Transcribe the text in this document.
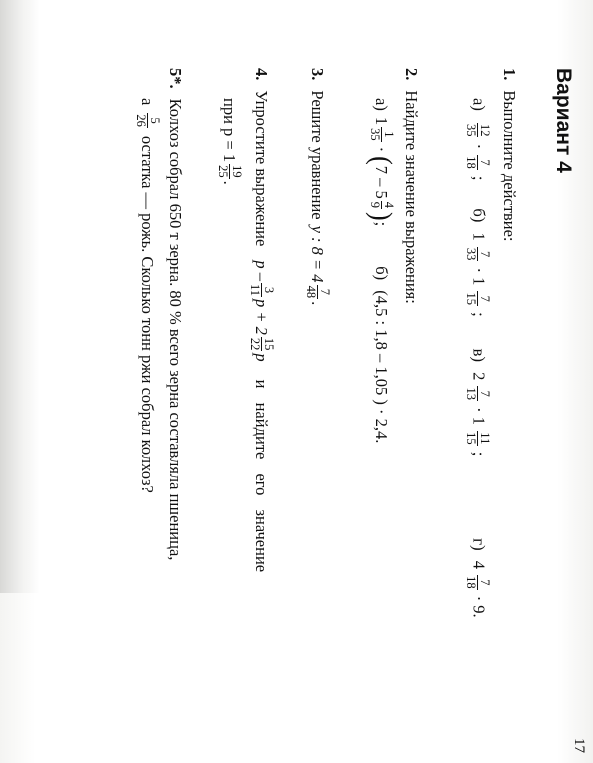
Вариант 4
17
1.
Выполните действие:
а)
12
35
·
7
18
;
б) 1
7
33
· 1
7
15
;
в) 2
7
13
· 1
11
15
;
г) 4
7
18
· 9.
2.
Найдите значение выражения:
а)
1
1
35
·
(
7 – 5
4
9
)
;
б) (4,5 : 1,8 – 1,05 ) · 2,4.
3.
Решите уравнение
y : 8 = 4
7
48
.
4.
Упростите выражение
p –
3
11
p + 2
15
22
p
и найдите его значение
при p = 1
19
25
.
5*.
Колхоз собрал 650 т зерна. 80 % всего зерна составляла пшеница,
а
5
26
остатка — рожь. Сколько тонн ржи собрал колхоз?
